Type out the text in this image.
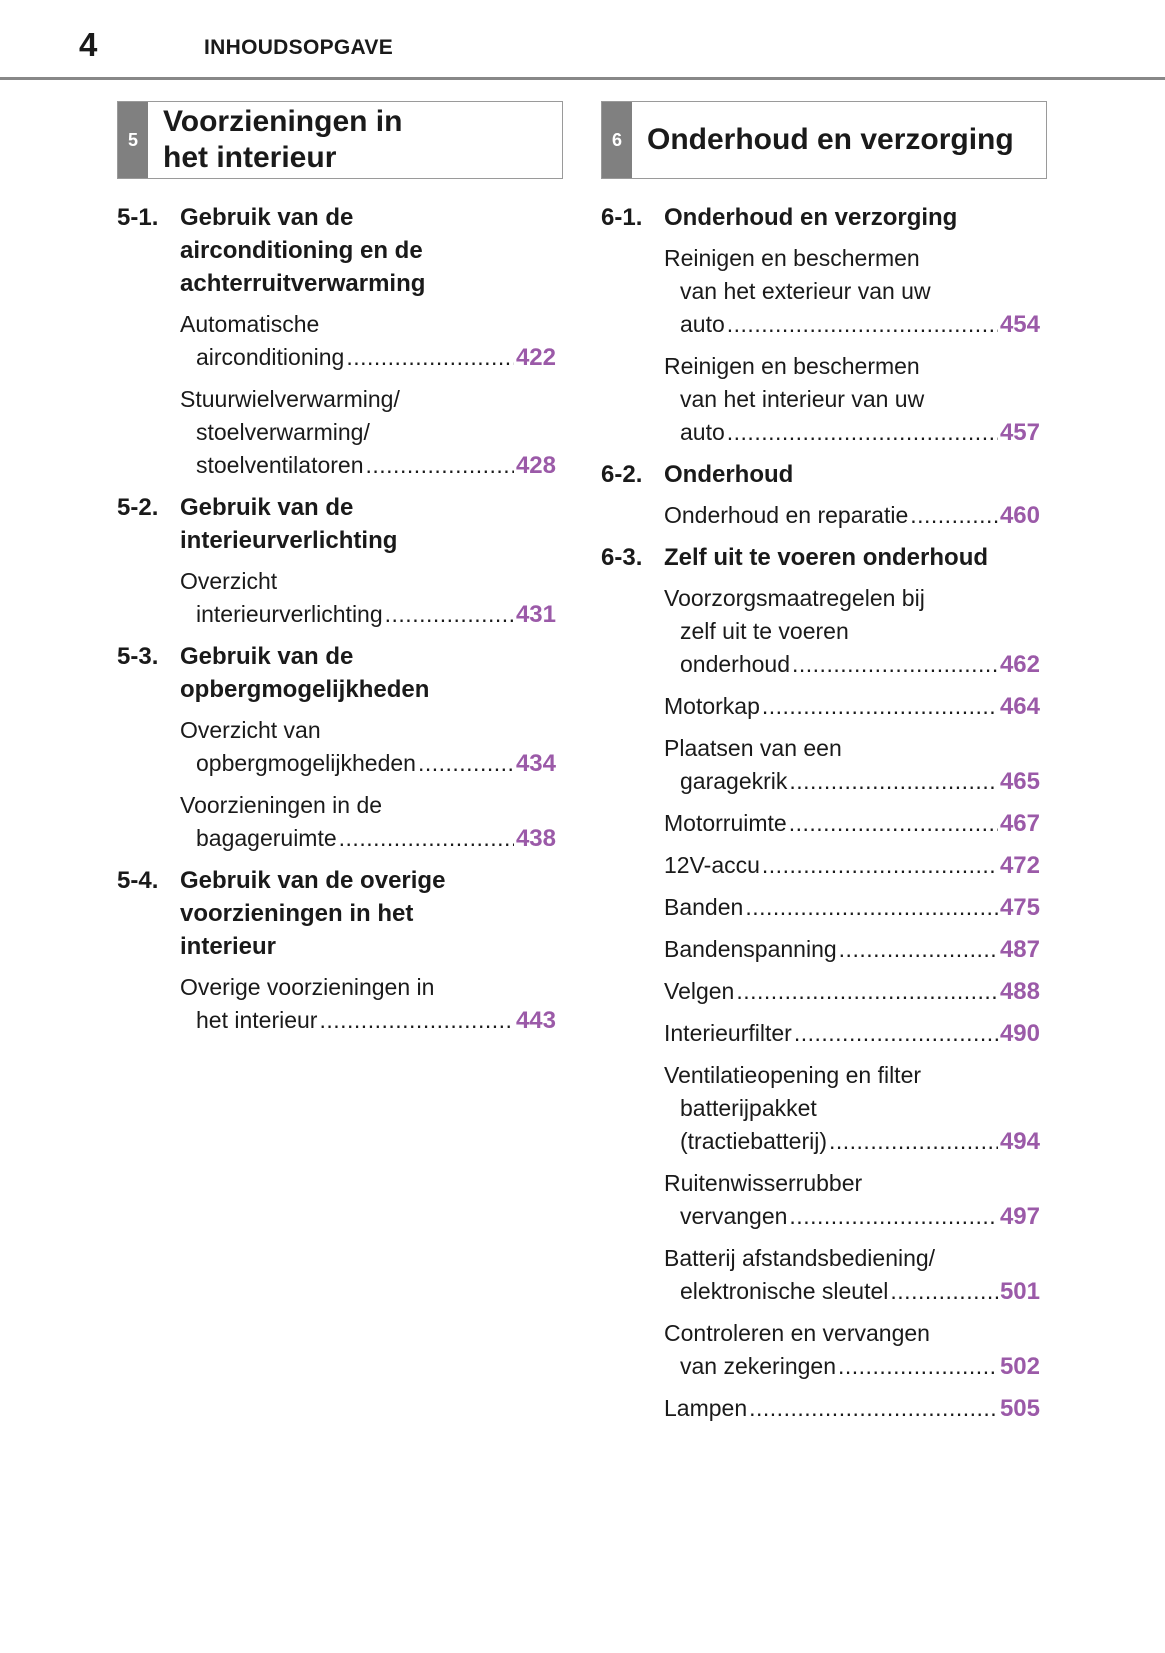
4	INHOUDSOPGAVE
5
Voorzieningen in
het interieur
5-1. Gebruik van de
airconditioning en de
achterruitverwarming
Automatische
airconditioning .....	422
Stuurwielverwarming/
stoelverwarming/
stoelventilatoren .....	428
5-2. Gebruik van de
interieurverlichting
Overzicht
interieurverlichting .....	431
5-3. Gebruik van de
opbergmogelijkheden
Overzicht van
opbergmogelijkheden .....	434
Voorzieningen in de
bagageruimte .....	438
5-4. Gebruik van de overige
voorzieningen in het
interieur
Overige voorzieningen in
het interieur .....	443
6 Onderhoud en verzorging
6-1. Onderhoud en verzorging
Reinigen en beschermen
van het exterieur van uw
auto .....	454
Reinigen en beschermen
van het interieur van uw
auto .....	457
6-2. Onderhoud
Onderhoud en reparatie .....	460
6-3. Zelf uit te voeren onderhoud
Voorzorgsmaatregelen bij
zelf uit te voeren
onderhoud .....	462
Motorkap .....	464
Plaatsen van een
garagekrik .....	465
Motorruimte .....	467
12V-accu .....	472
Banden .....	475
Bandenspanning .....	487
Velgen .....	488
Interieurfilter .....	490
Ventilatieopening en filter
batterijpakket
(tractiebatterij) .....	494
Ruitenwisserrubber
vervangen .....	497
Batterij afstandsbediening/
elektronische sleutel .....	501
Controleren en vervangen
van zekeringen .....	502
Lampen .....	505
